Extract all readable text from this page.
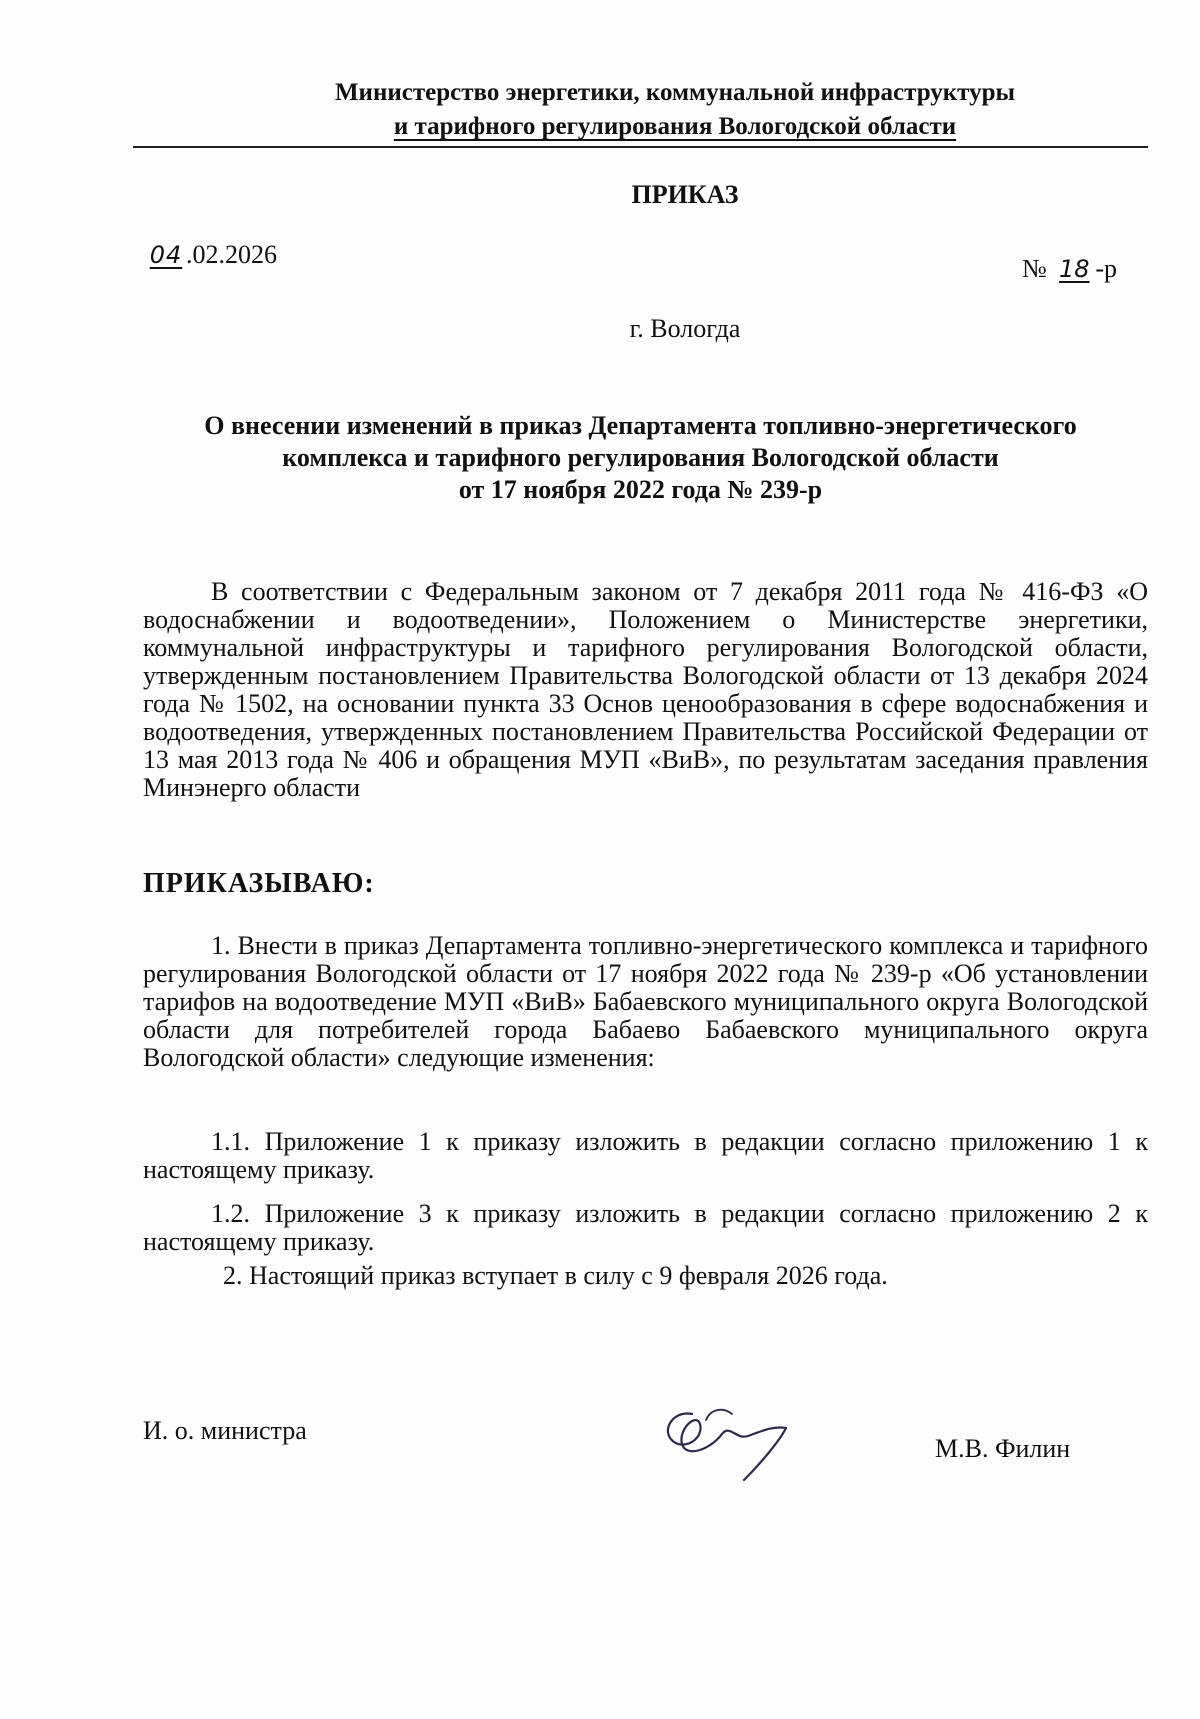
Министерство энергетики, коммунальной инфраструктуры
и тарифного регулирования Вологодской области
ПРИКАЗ
04 .02.2026	№ 18 -р
г. Вологда
О внесении изменений в приказ Департамента топливно-энергетического
комплекса и тарифного регулирования Вологодской области
от 17 ноября 2022 года № 239-р
В соответствии с Федеральным законом от 7 декабря 2011 года № 416-ФЗ «О водоснабжении и водоотведении», Положением о Министерстве энергетики, коммунальной инфраструктуры и тарифного регулирования Вологодской области, утвержденным постановлением Правительства Вологодской области от 13 декабря 2024 года № 1502, на основании пункта 33 Основ ценообразования в сфере водоснабжения и водоотведения, утвержденных постановлением Правительства Российской Федерации от 13 мая 2013 года № 406 и обращения МУП «ВиВ», по результатам заседания правления Минэнерго области
ПРИКАЗЫВАЮ:
1. Внести в приказ Департамента топливно-энергетического комплекса и тарифного регулирования Вологодской области от 17 ноября 2022 года № 239-р «Об установлении тарифов на водоотведение МУП «ВиВ» Бабаевского муниципального округа Вологодской области для потребителей города Бабаево Бабаевского муниципального округа Вологодской области» следующие изменения:
1.1. Приложение 1 к приказу изложить в редакции согласно приложению 1 к настоящему приказу.
1.2. Приложение 3 к приказу изложить в редакции согласно приложению 2 к настоящему приказу.
2. Настоящий приказ вступает в силу с 9 февраля 2026 года.
И. о. министра
М.В. Филин
